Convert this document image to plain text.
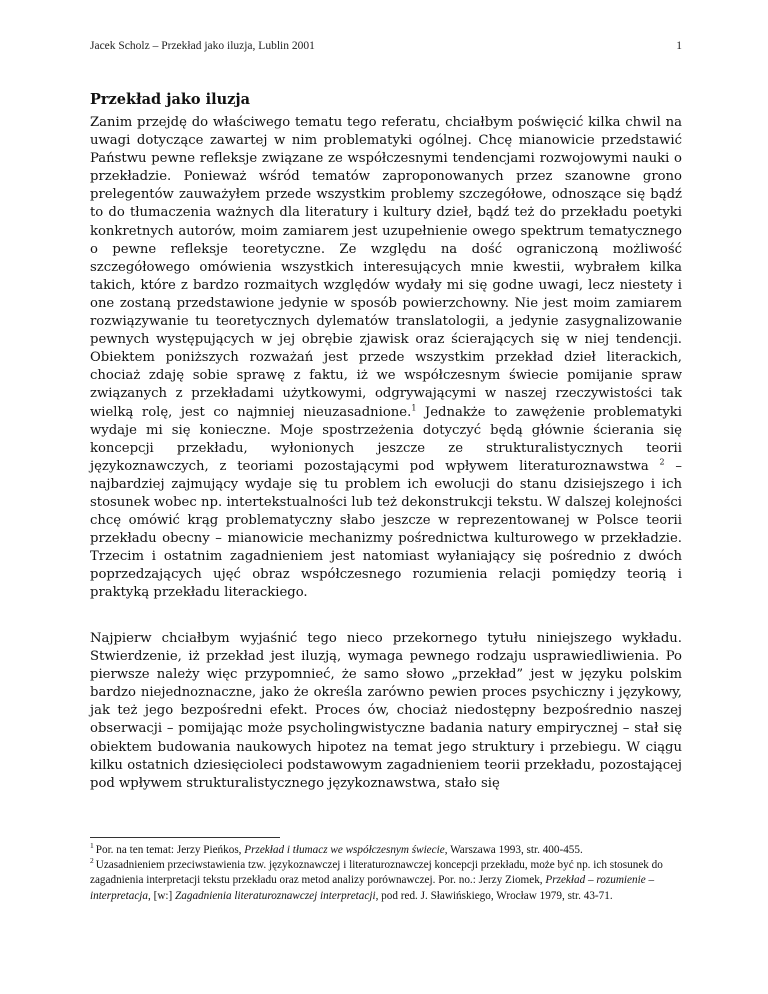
Jacek Scholz – Przekład jako iluzja, Lublin 2001	1
Przekład jako iluzja

Zanim przejdę do właściwego tematu tego referatu, chciałbym poświęcić kilka chwil na uwagi dotyczące zawartej w nim problematyki ogólnej. Chcę mianowicie przedstawić Państwu pewne refleksje związane ze współczesnymi tendencjami rozwojowymi nauki o przekładzie. Ponieważ wśród tematów zaproponowanych przez szanowne grono prelegentów zauważyłem przede wszystkim problemy szczegółowe, odnoszące się bądź to do tłumaczenia ważnych dla literatury i kultury dzieł, bądź też do przekładu poetyki konkretnych autorów, moim zamiarem jest uzupełnienie owego spektrum tematycznego o pewne refleksje teoretyczne. Ze względu na dość ograniczoną możliwość szczegółowego omówienia wszystkich interesujących mnie kwestii, wybrałem kilka takich, które z bardzo rozmaitych względów wydały mi się godne uwagi, lecz niestety i one zostaną przedstawione jedynie w sposób powierzchowny. Nie jest moim zamiarem rozwiązywanie tu teoretycznych dylematów translatologii, a jedynie zasygnalizowanie pewnych występujących w jej obrębie zjawisk oraz ścierających się w niej tendencji. Obiektem poniższych rozważań jest przede wszystkim przekład dzieł literackich, chociaż zdaję sobie sprawę z faktu, iż we współczesnym świecie pomijanie spraw związanych z przekładami użytkowymi, odgrywającymi w naszej rzeczywistości tak wielką rolę, jest co najmniej nieuzasadnione.$^1$ Jednakże to zawężenie problematyki wydaje mi się konieczne. Moje spostrzeżenia dotyczyć będą głównie ścierania się koncepcji przekładu, wyłonionych jeszcze ze strukturalistycznych teorii językoznawczych, z teoriami pozostającymi pod wpływem literaturoznawstwa $^2$ – najbardziej zajmujący wydaje się tu problem ich ewolucji do stanu dzisiejszego i ich stosunek wobec np. intertekstualności lub też dekonstrukcji tekstu. W dalszej kolejności chcę omówić krąg problematyczny słabo jeszcze w reprezentowanej w Polsce teorii przekładu obecny – mianowicie mechanizmy pośrednictwa kulturowego w przekładzie. Trzecim i ostatnim zagadnieniem jest natomiast wyłaniający się pośrednio z dwóch poprzedzających ujęć obraz współczesnego rozumienia relacji pomiędzy teorią i praktyką przekładu literackiego.

Najpierw chciałbym wyjaśnić tego nieco przekornego tytułu niniejszego wykładu. Stwierdzenie, iż przekład jest iluzją, wymaga pewnego rodzaju usprawiedliwienia. Po pierwsze należy więc przypomnieć, że samo słowo „przekład” jest w języku polskim bardzo niejednoznaczne, jako że określa zarówno pewien proces psychiczny i językowy, jak też jego bezpośredni efekt. Proces ów, chociaż niedostępny bezpośrednio naszej obserwacji – pomijając może psycholingwistyczne badania natury empirycznej – stał się obiektem budowania naukowych hipotez na temat jego struktury i przebiegu. W ciągu kilku ostatnich dziesięcioleci podstawowym zagadnieniem teorii przekładu, pozostającej pod wpływem strukturalistycznego językoznawstwa, stało się

$^1$ Por. na ten temat: Jerzy Pieńkos, Przekład i tłumacz we współczesnym świecie, Warszawa 1993, str. 400-455.

$^2$ Uzasadnieniem przeciwstawienia tzw. językoznawczej i literaturoznawczej koncepcji przekładu, może być np. ich stosunek do zagadnienia interpretacji tekstu przekładu oraz metod analizy porównawczej. Por. no.: Jerzy Ziomek, Przekład – rozumienie – interpretacja, [w:] Zagadnienia literaturoznawczej interpretacji, pod red. J. Sławińskiego, Wrocław 1979, str. 43-71.
